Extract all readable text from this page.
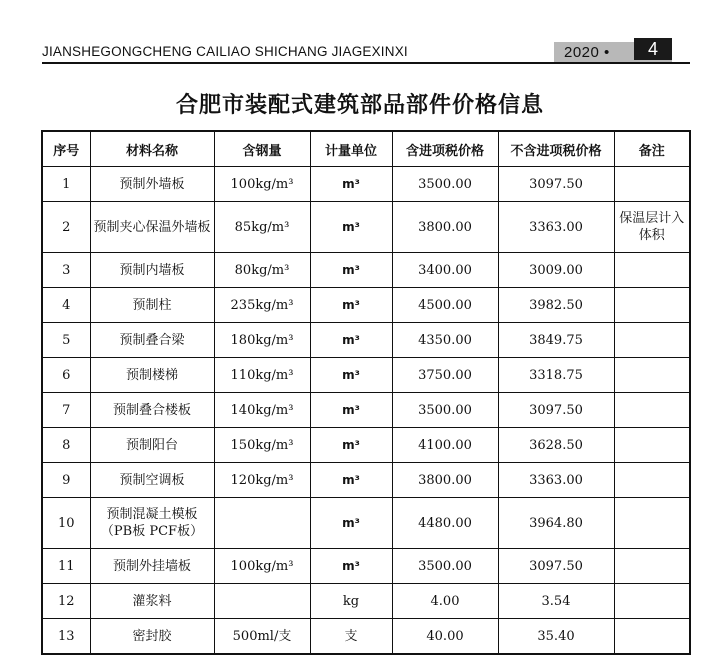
JIANSHEGONGCHENG CAILIAO SHICHANG JIAGEXINXI	2020 •	4
合肥市装配式建筑部品部件价格信息
序号	材料名称	含钢量	计量单位	含进项税价格	不含进项税价格	备注
1	预制外墙板	100kg/m³	m³	3500.00	3097.50	
2	预制夹心保温外墙板	85kg/m³	m³	3800.00	3363.00	保温层计入体积
3	预制内墙板	80kg/m³	m³	3400.00	3009.00	
4	预制柱	235kg/m³	m³	4500.00	3982.50	
5	预制叠合梁	180kg/m³	m³	4350.00	3849.75	
6	预制楼梯	110kg/m³	m³	3750.00	3318.75	
7	预制叠合楼板	140kg/m³	m³	3500.00	3097.50	
8	预制阳台	150kg/m³	m³	4100.00	3628.50	
9	预制空调板	120kg/m³	m³	3800.00	3363.00	
10	预制混凝土模板（PB板 PCF板）		m³	4480.00	3964.80	
11	预制外挂墙板	100kg/m³	m³	3500.00	3097.50	
12	灌浆料		kg	4.00	3.54	
13	密封胶	500ml/支	支	40.00	35.40	
